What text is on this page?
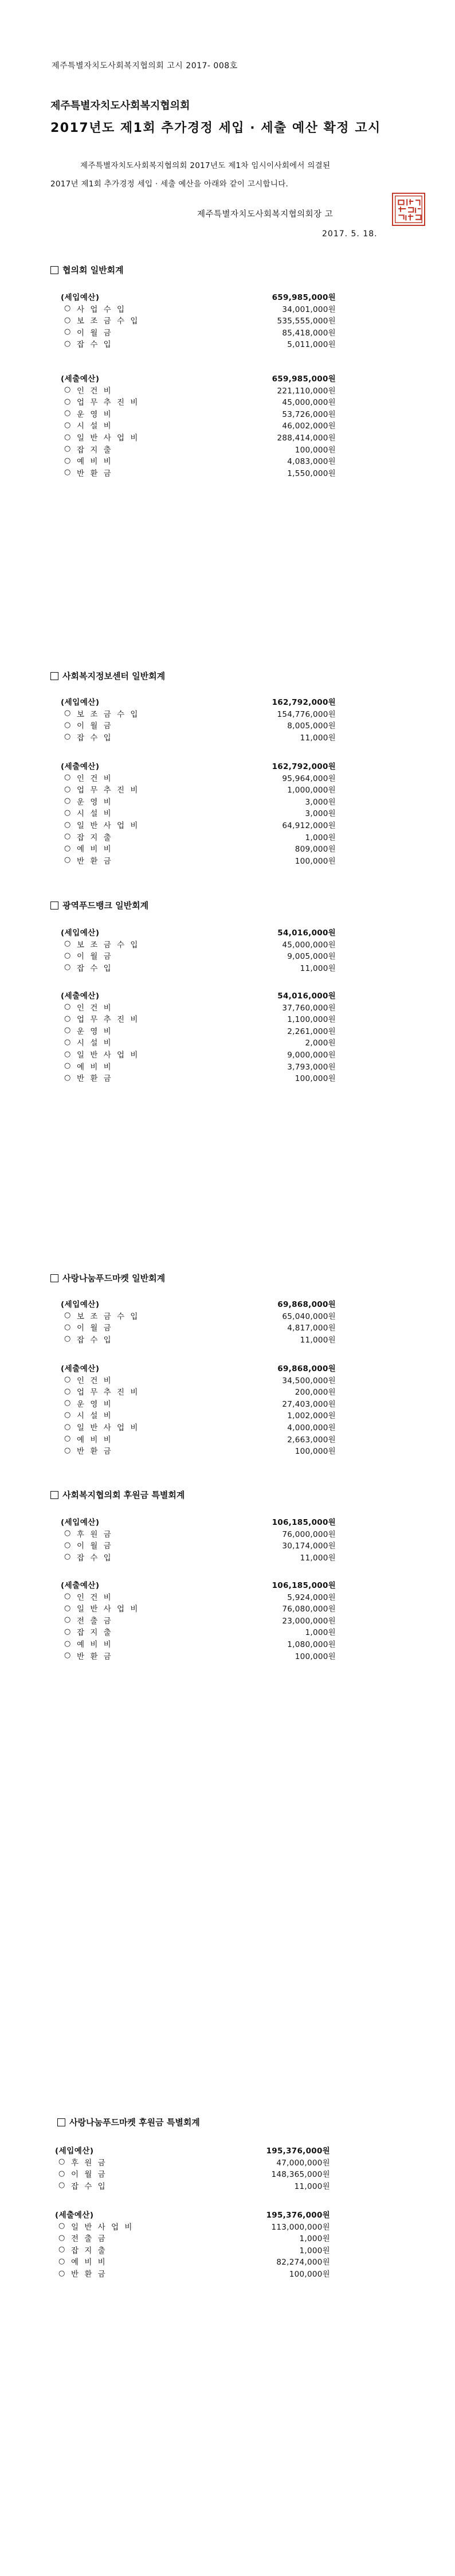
제주특별자치도사회복지협의회 고시 2017- 008호
제주특별자치도사회복지협의회
2017년도 제1회 추가경정 세입 · 세출 예산 확정 고시
제주특별자치도사회복지협의회 2017년도 제1차 임시이사회에서 의결된
2017년 제1회 추가경정 세입 · 세출 예산을 아래와 같이 고시합니다.
제주특별자치도사회복지협의회장 고
2017. 5. 18.
협의회 일반회계
(세입예산)	659,985,000원
○ 사 업 수 입	34,001,000원
○ 보 조 금 수 입	535,555,000원
○ 이 월 금	85,418,000원
○ 잡 수 입	5,011,000원
(세출예산)	659,985,000원
○ 인 건 비	221,110,000원
○ 업 무 추 진 비	45,000,000원
○ 운 영 비	53,726,000원
○ 시 설 비	46,002,000원
○ 일 반 사 업 비	288,414,000원
○ 잡 지 출	100,000원
○ 예 비 비	4,083,000원
○ 반 환 금	1,550,000원
사회복지정보센터 일반회계
(세입예산)	162,792,000원
○ 보 조 금 수 입	154,776,000원
○ 이 월 금	8,005,000원
○ 잡 수 입	11,000원
(세출예산)	162,792,000원
○ 인 건 비	95,964,000원
○ 업 무 추 진 비	1,000,000원
○ 운 영 비	3,000원
○ 시 설 비	3,000원
○ 일 반 사 업 비	64,912,000원
○ 잡 지 출	1,000원
○ 예 비 비	809,000원
○ 반 환 금	100,000원
광역푸드뱅크 일반회계
(세입예산)	54,016,000원
○ 보 조 금 수 입	45,000,000원
○ 이 월 금	9,005,000원
○ 잡 수 입	11,000원
(세출예산)	54,016,000원
○ 인 건 비	37,760,000원
○ 업 무 추 진 비	1,100,000원
○ 운 영 비	2,261,000원
○ 시 설 비	2,000원
○ 일 반 사 업 비	9,000,000원
○ 예 비 비	3,793,000원
○ 반 환 금	100,000원
사랑나눔푸드마켓 일반회계
(세입예산)	69,868,000원
○ 보 조 금 수 입	65,040,000원
○ 이 월 금	4,817,000원
○ 잡 수 입	11,000원
(세출예산)	69,868,000원
○ 인 건 비	34,500,000원
○ 업 무 추 진 비	200,000원
○ 운 영 비	27,403,000원
○ 시 설 비	1,002,000원
○ 일 반 사 업 비	4,000,000원
○ 예 비 비	2,663,000원
○ 반 환 금	100,000원
사회복지협의회 후원금 특별회계
(세입예산)	106,185,000원
○ 후 원 금	76,000,000원
○ 이 월 금	30,174,000원
○ 잡 수 입	11,000원
(세출예산)	106,185,000원
○ 인 건 비	5,924,000원
○ 일 반 사 업 비	76,080,000원
○ 전 출 금	23,000,000원
○ 잡 지 출	1,000원
○ 예 비 비	1,080,000원
○ 반 환 금	100,000원
사랑나눔푸드마켓 후원금 특별회계
(세입예산)	195,376,000원
○ 후 원 금	47,000,000원
○ 이 월 금	148,365,000원
○ 잡 수 입	11,000원
(세출예산)	195,376,000원
○ 일 반 사 업 비	113,000,000원
○ 전 출 금	1,000원
○ 잡 지 출	1,000원
○ 예 비 비	82,274,000원
○ 반 환 금	100,000원
